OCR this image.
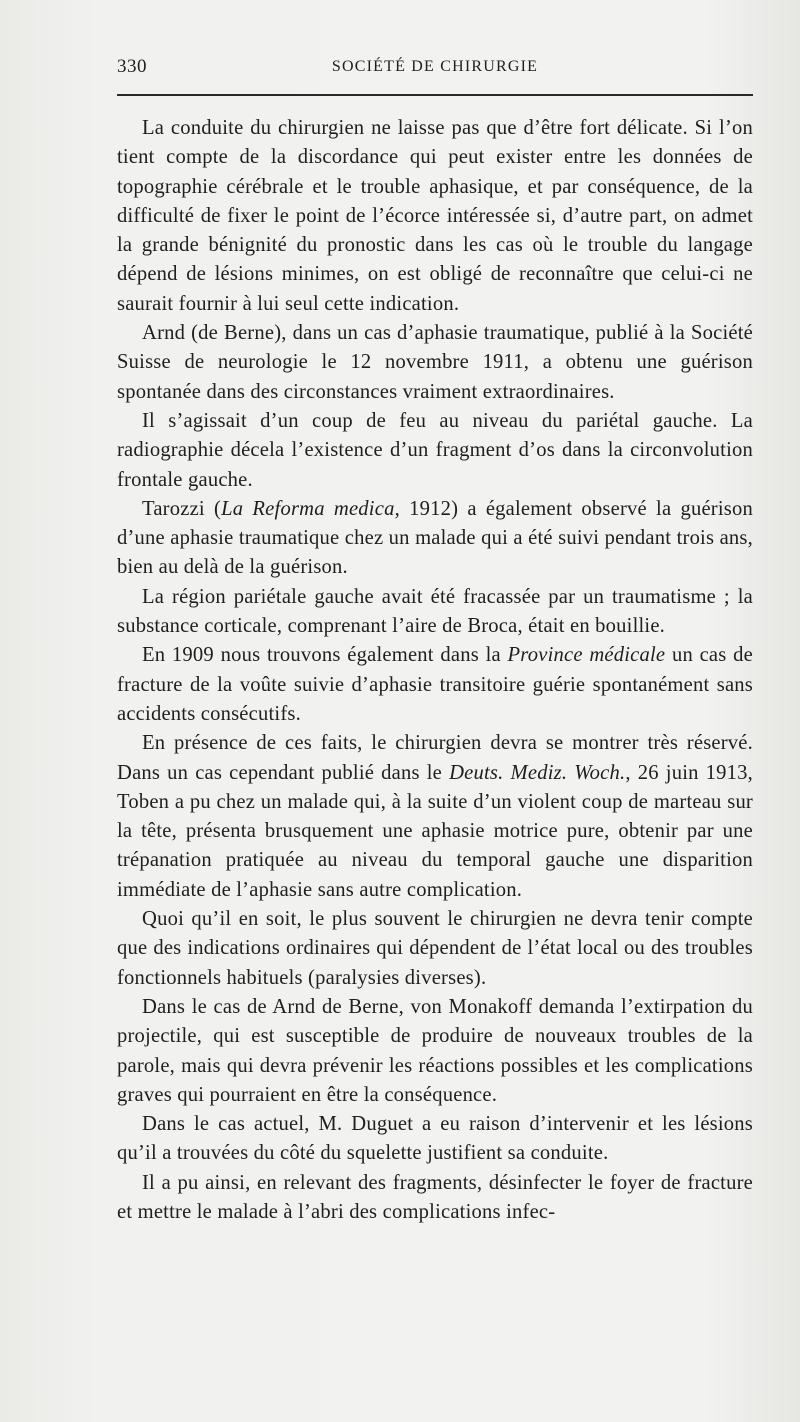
330	SOCIÉTÉ DE CHIRURGIE

La conduite du chirurgien ne laisse pas que d’être fort délicate. Si l’on tient compte de la discordance qui peut exister entre les données de topographie cérébrale et le trouble aphasique, et par conséquence, de la difficulté de fixer le point de l’écorce intéressée si, d’autre part, on admet la grande bénignité du pronostic dans les cas où le trouble du langage dépend de lésions minimes, on est obligé de reconnaître que celui-ci ne saurait fournir à lui seul cette indication.

Arnd (de Berne), dans un cas d’aphasie traumatique, publié à la Société Suisse de neurologie le 12 novembre 1911, a obtenu une guérison spontanée dans des circonstances vraiment extraordinaires.

Il s’agissait d’un coup de feu au niveau du pariétal gauche. La radiographie décela l’existence d’un fragment d’os dans la circonvolution frontale gauche.

Tarozzi (La Reforma medica, 1912) a également observé la guérison d’une aphasie traumatique chez un malade qui a été suivi pendant trois ans, bien au delà de la guérison.

La région pariétale gauche avait été fracassée par un traumatisme ; la substance corticale, comprenant l’aire de Broca, était en bouillie.

En 1909 nous trouvons également dans la Province médicale un cas de fracture de la voûte suivie d’aphasie transitoire guérie spontanément sans accidents consécutifs.

En présence de ces faits, le chirurgien devra se montrer très réservé. Dans un cas cependant publié dans le Deuts. Mediz. Woch., 26 juin 1913, Toben a pu chez un malade qui, à la suite d’un violent coup de marteau sur la tête, présenta brusquement une aphasie motrice pure, obtenir par une trépanation pratiquée au niveau du temporal gauche une disparition immédiate de l’aphasie sans autre complication.

Quoi qu’il en soit, le plus souvent le chirurgien ne devra tenir compte que des indications ordinaires qui dépendent de l’état local ou des troubles fonctionnels habituels (paralysies diverses).

Dans le cas de Arnd de Berne, von Monakoff demanda l’extirpation du projectile, qui est susceptible de produire de nouveaux troubles de la parole, mais qui devra prévenir les réactions possibles et les complications graves qui pourraient en être la conséquence.

Dans le cas actuel, M. Duguet a eu raison d’intervenir et les lésions qu’il a trouvées du côté du squelette justifient sa conduite.

Il a pu ainsi, en relevant des fragments, désinfecter le foyer de fracture et mettre le malade à l’abri des complications infec-
